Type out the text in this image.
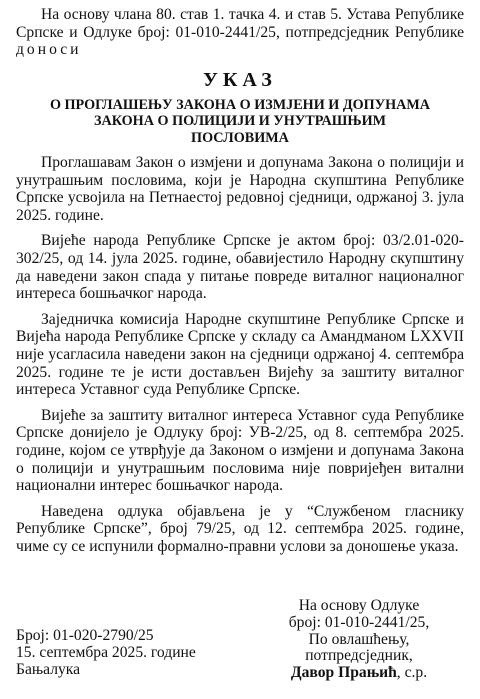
На основу члана 80. став 1. тачка 4. и став 5. Устава Републике Српске и Одлуке број: 01-010-2441/25, потпредсједник Републике доноси

УКАЗ
О ПРОГЛАШЕЊУ ЗАКОНА О ИЗМЈЕНИ И ДОПУНАМА
ЗАКОНА О ПОЛИЦИЈИ И УНУТРАШЊИМ
ПОСЛОВИМА

Проглашавам Закон о измјени и допунама Закона о полицији и унутрашњим пословима, који је Народна скупштина Републике Српске усвојила на Петнаестој редовној сједници, одржаној 3. јула 2025. године.

Вијеће народа Републике Српске је актом број: 03/2.01-020-302/25, од 14. јула 2025. године, обавијестило Народну скупштину да наведени закон спада у питање повреде виталног националног интереса бошњачког народа.

Заједничка комисија Народне скупштине Републике Српске и Вијећа народа Републике Српске у складу са Амандманом LXXVII није усагласила наведени закон на сједници одржаној 4. септембра 2025. године те је исти достављен Вијећу за заштиту виталног интереса Уставног суда Републике Српске.

Вијеће за заштиту виталног интереса Уставног суда Републике Српске донијело је Одлуку број: УВ-2/25, од 8. септембра 2025. године, којом се утврђује да Законом о измјени и допунама Закона о полицији и унутрашњим пословима није повријеђен витални национални интерес бошњачког народа.

Наведена одлука објављена је у “Службеном гласнику Републике Српске”, број 79/25, од 12. септембра 2025. године, чиме су се испунили формално-правни услови за доношење указа.

Број: 01-020-2790/25
15. септембра 2025. године
Бањалука
На основу Одлуке
број: 01-010-2441/25,
По овлашћењу,
потпредсједник,
Давор Прањић, с.р.
